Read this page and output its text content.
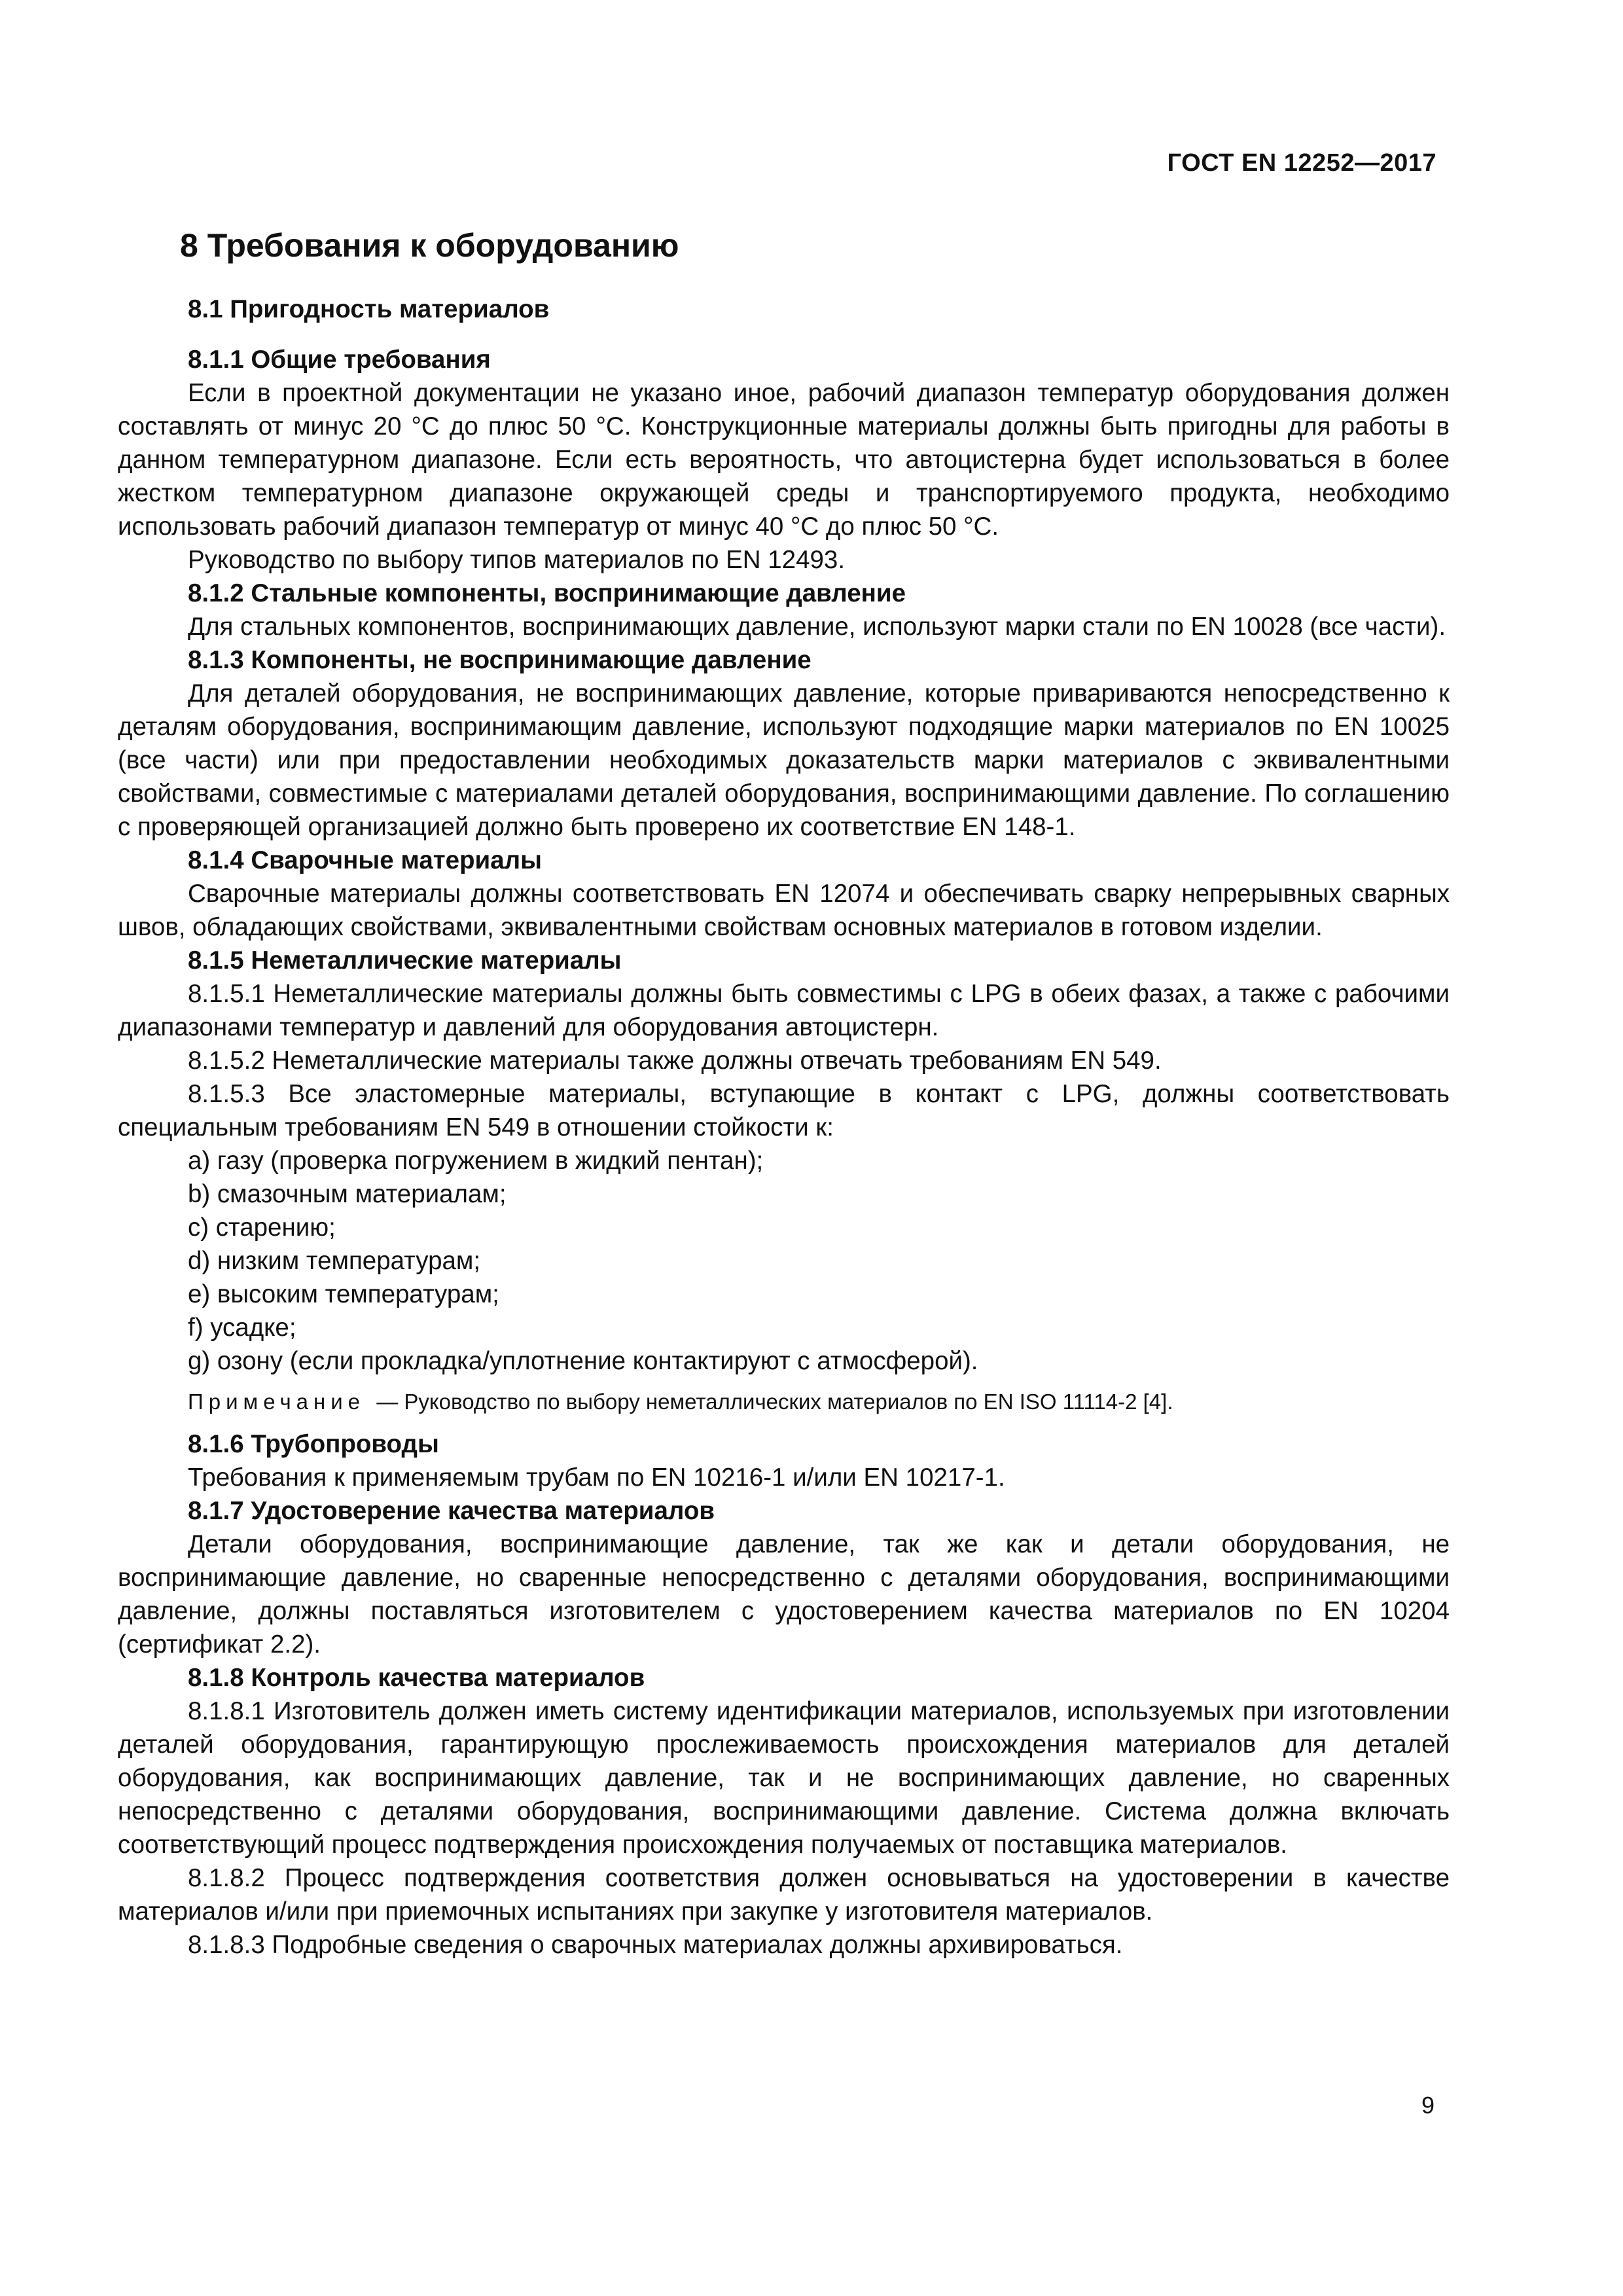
ГОСТ EN 12252—2017
8 Требования к оборудованию
8.1 Пригодность материалов
8.1.1 Общие требования

Если в проектной документации не указано иное, рабочий диапазон температур оборудования должен составлять от минус 20 °С до плюс 50 °С. Конструкционные материалы должны быть пригодны для работы в данном температурном диапазоне. Если есть вероятность, что автоцистерна будет использоваться в более жестком температурном диапазоне окружающей среды и транспортируемого продукта, необходимо использовать рабочий диапазон температур от минус 40 °С до плюс 50 °С.

Руководство по выбору типов материалов по EN 12493.

8.1.2 Стальные компоненты, воспринимающие давление

Для стальных компонентов, воспринимающих давление, используют марки стали по EN 10028 (все части).

8.1.3 Компоненты, не воспринимающие давление

Для деталей оборудования, не воспринимающих давление, которые привариваются непосредственно к деталям оборудования, воспринимающим давление, используют подходящие марки материалов по EN 10025 (все части) или при предоставлении необходимых доказательств марки материалов с эквивалентными свойствами, совместимые с материалами деталей оборудования, воспринимающими давление. По соглашению с проверяющей организацией должно быть проверено их соответствие EN 148-1.

8.1.4 Сварочные материалы

Сварочные материалы должны соответствовать EN 12074 и обеспечивать сварку непрерывных сварных швов, обладающих свойствами, эквивалентными свойствам основных материалов в готовом изделии.

8.1.5 Неметаллические материалы

8.1.5.1 Неметаллические материалы должны быть совместимы с LPG в обеих фазах, а также с рабочими диапазонами температур и давлений для оборудования автоцистерн.

8.1.5.2 Неметаллические материалы также должны отвечать требованиям EN 549.

8.1.5.3 Все эластомерные материалы, вступающие в контакт с LPG, должны соответствовать специальным требованиям EN 549 в отношении стойкости к:

a) газу (проверка погружением в жидкий пентан);

b) смазочным материалам;

c) старению;

d) низким температурам;

e) высоким температурам;

f) усадке;

g) озону (если прокладка/уплотнение контактируют с атмосферой).

Примечание — Руководство по выбору неметаллических материалов по EN ISO 11114-2 [4].
8.1.6 Трубопроводы

Требования к применяемым трубам по EN 10216-1 и/или EN 10217-1.

8.1.7 Удостоверение качества материалов

Детали оборудования, воспринимающие давление, так же как и детали оборудования, не воспринимающие давление, но сваренные непосредственно с деталями оборудования, воспринимающими давление, должны поставляться изготовителем с удостоверением качества материалов по EN 10204 (сертификат 2.2).

8.1.8 Контроль качества материалов

8.1.8.1 Изготовитель должен иметь систему идентификации материалов, используемых при изготовлении деталей оборудования, гарантирующую прослеживаемость происхождения материалов для деталей оборудования, как воспринимающих давление, так и не воспринимающих давление, но сваренных непосредственно с деталями оборудования, воспринимающими давление. Система должна включать соответствующий процесс подтверждения происхождения получаемых от поставщика материалов.

8.1.8.2 Процесс подтверждения соответствия должен основываться на удостоверении в качестве материалов и/или при приемочных испытаниях при закупке у изготовителя материалов.

8.1.8.3 Подробные сведения о сварочных материалах должны архивироваться.

9
